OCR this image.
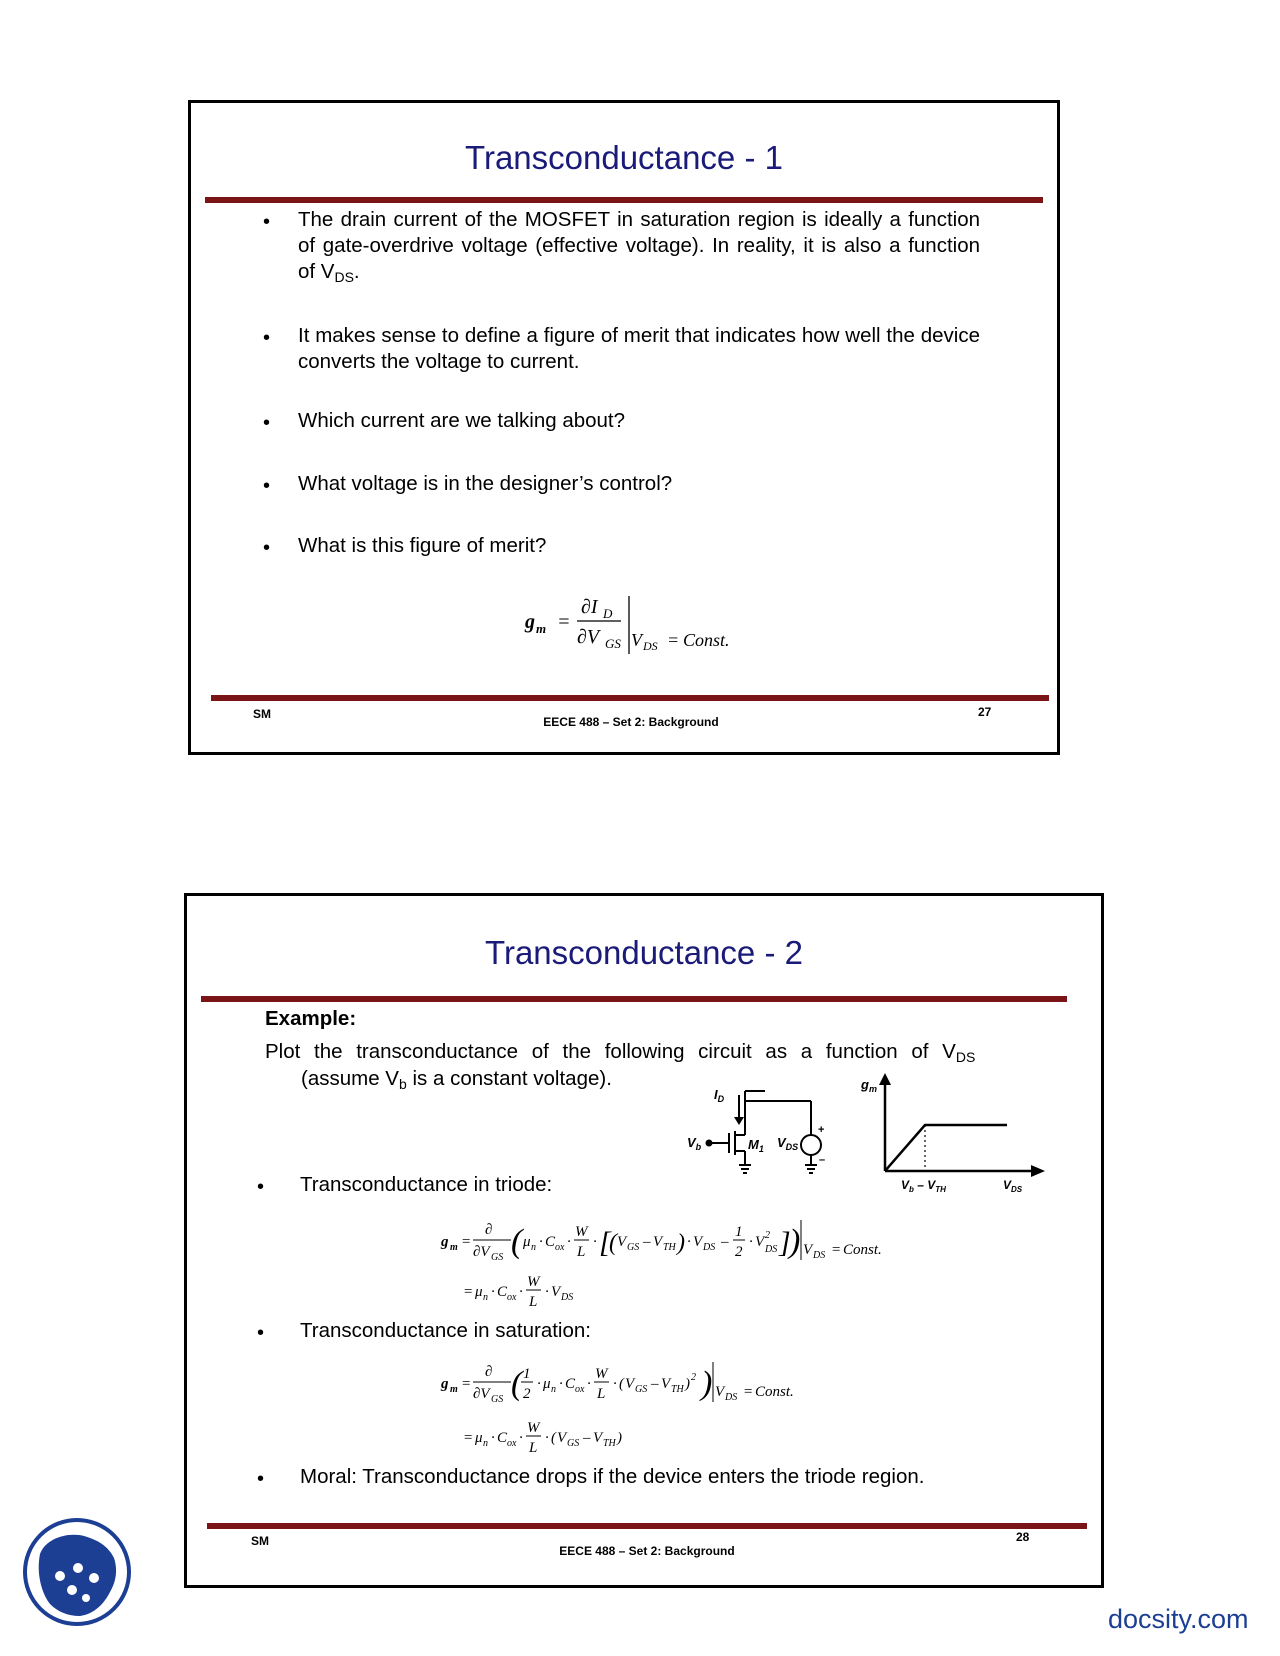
Transconductance - 1
• The drain current of the MOSFET in saturation region is ideally a function of gate-overdrive voltage (effective voltage). In reality, it is also a function of $V_{DS}$.
• It makes sense to define a figure of merit that indicates how well the device converts the voltage to current.
• Which current are we talking about?
• What voltage is in the designer’s control?
• What is this figure of merit?
g m =
∂I D
∂V GS V DS = Const.
SM
EECE 488 – Set 2: Background
27
Transconductance - 2
Example:
Plot the transconductance of the following circuit as a function of $V_{DS}$
(assume $V_b$ is a constant voltage).
$I_D$
$V_b$	$M_1$ $V_{DS}$
+
–
$g_m$
$V_b - V_{TH}$	$V_{DS}$
• Transconductance in triode:
g m =
∂
∂V GS ( μ n · C ox ·
W
L
· [
( V GS – V TH ) · V DS –
1
2
· V 2
DS ]
) V DS = Const.
= μ n · C ox ·
W
L
· V DS
• Transconductance in saturation:
g m =
∂
∂V GS ( 1
2
· μ n · C ox ·
W
L
· ( V GS – V TH ) 2 ) V DS = Const.
= μ n · C ox ·
W
L
· ( V GS – V TH )
• Moral: Transconductance drops if the device enters the triode region.
SM
EECE 488 – Set 2: Background
28
docsity.com
